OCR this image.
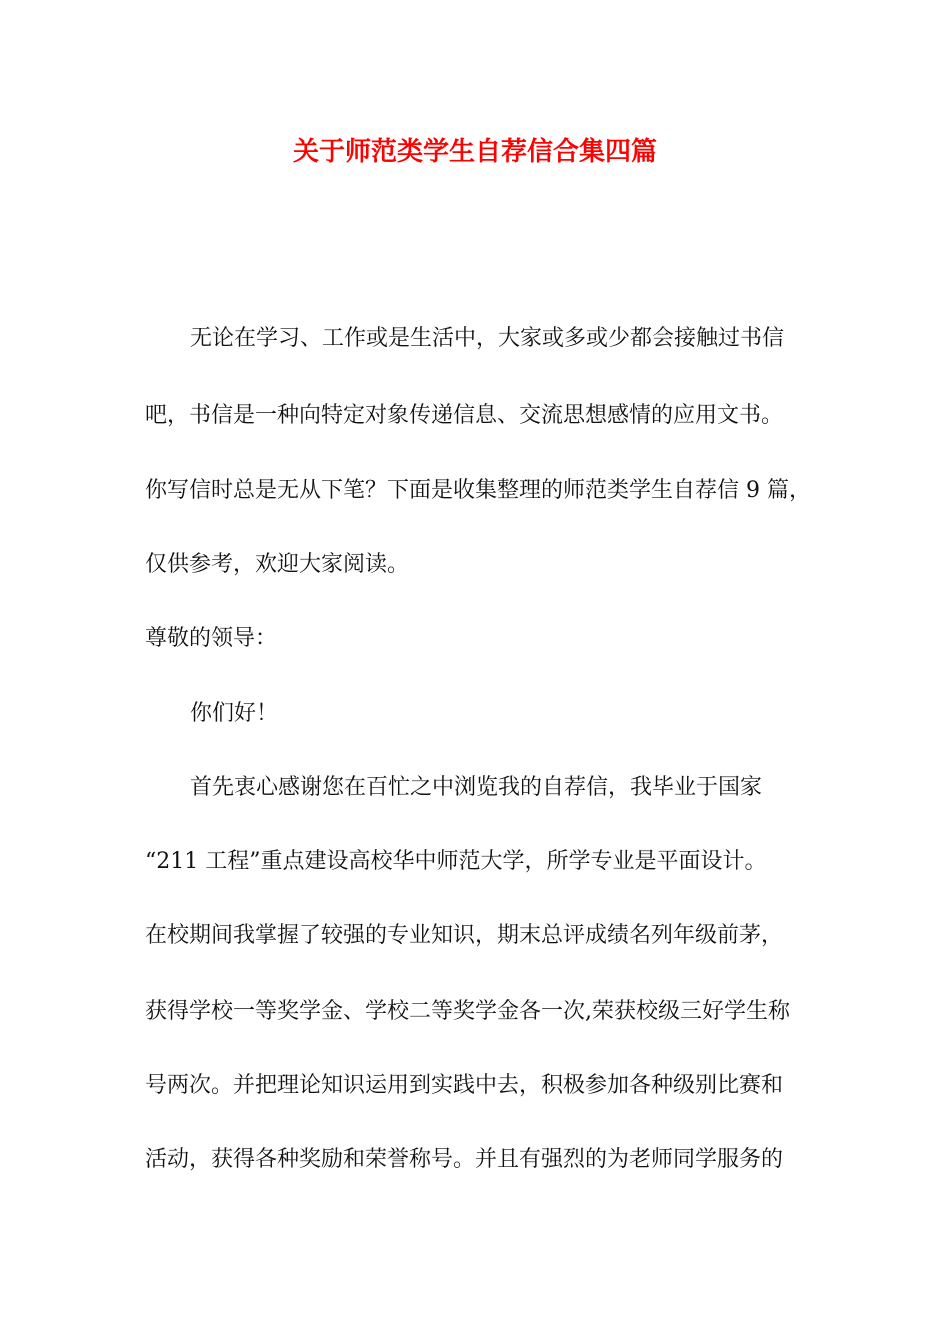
关于师范类学生自荐信合集四篇

无论在学习、工作或是生活中，大家或多或少都会接触过书信

吧，书信是一种向特定对象传递信息、交流思想感情的应用文书。

你写信时总是无从下笔？下面是收集整理的师范类学生自荐信 9 篇，

仅供参考，欢迎大家阅读。

尊敬的领导：

你们好！

首先衷心感谢您在百忙之中浏览我的自荐信，我毕业于国家

“211 工程”重点建设高校华中师范大学，所学专业是平面设计。

在校期间我掌握了较强的专业知识，期末总评成绩名列年级前茅，

获得学校一等奖学金、学校二等奖学金各一次,荣获校级三好学生称

号两次。并把理论知识运用到实践中去，积极参加各种级别比赛和

活动，获得各种奖励和荣誉称号。并且有强烈的为老师同学服务的
